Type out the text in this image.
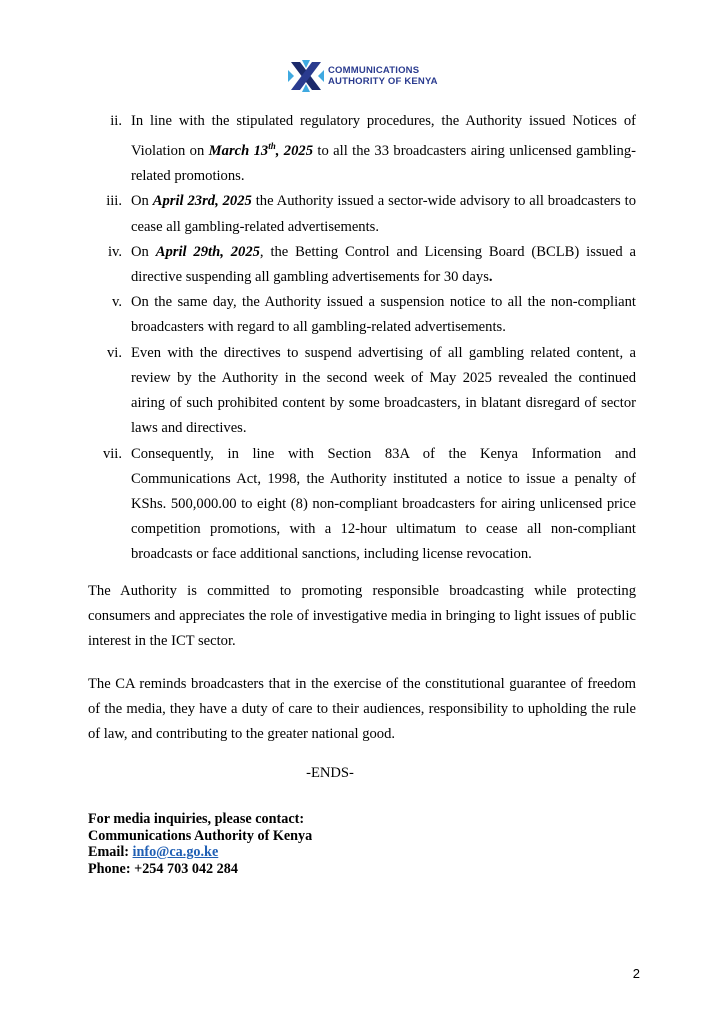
COMMUNICATIONS
AUTHORITY OF KENYA
ii. In line with the stipulated regulatory procedures, the Authority issued Notices of Violation on March 13th, 2025 to all the 33 broadcasters airing unlicensed gambling-related promotions.
iii. On April 23rd, 2025 the Authority issued a sector-wide advisory to all broadcasters to cease all gambling-related advertisements.
iv. On April 29th, 2025, the Betting Control and Licensing Board (BCLB) issued a directive suspending all gambling advertisements for 30 days.
v. On the same day, the Authority issued a suspension notice to all the non-compliant broadcasters with regard to all gambling-related advertisements.
vi. Even with the directives to suspend advertising of all gambling related content, a review by the Authority in the second week of May 2025 revealed the continued airing of such prohibited content by some broadcasters, in blatant disregard of sector laws and directives.
vii. Consequently, in line with Section 83A of the Kenya Information and Communications Act, 1998, the Authority instituted a notice to issue a penalty of KShs. 500,000.00 to eight (8) non-compliant broadcasters for airing unlicensed price competition promotions, with a 12-hour ultimatum to cease all non-compliant broadcasts or face additional sanctions, including license revocation.
The Authority is committed to promoting responsible broadcasting while protecting consumers and appreciates the role of investigative media in bringing to light issues of public interest in the ICT sector.
The CA reminds broadcasters that in the exercise of the constitutional guarantee of freedom of the media, they have a duty of care to their audiences, responsibility to upholding the rule of law, and contributing to the greater national good.
-ENDS-
For media inquiries, please contact:
Communications Authority of Kenya
Email: info@ca.go.ke
Phone: +254 703 042 284
2
